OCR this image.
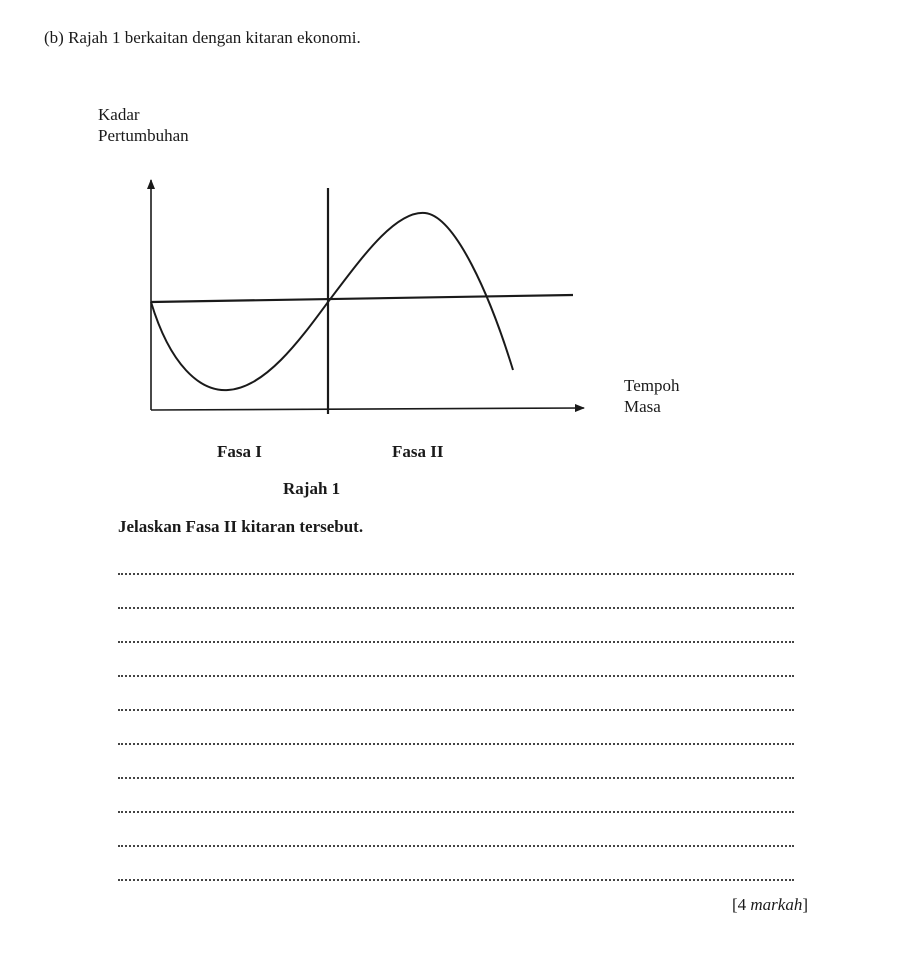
(b) Rajah 1 berkaitan dengan kitaran ekonomi.
Kadar
Pertumbuhan
Tempoh
Masa
Fasa I	Fasa II
Rajah 1
Jelaskan Fasa II kitaran tersebut.
[4 markah]
